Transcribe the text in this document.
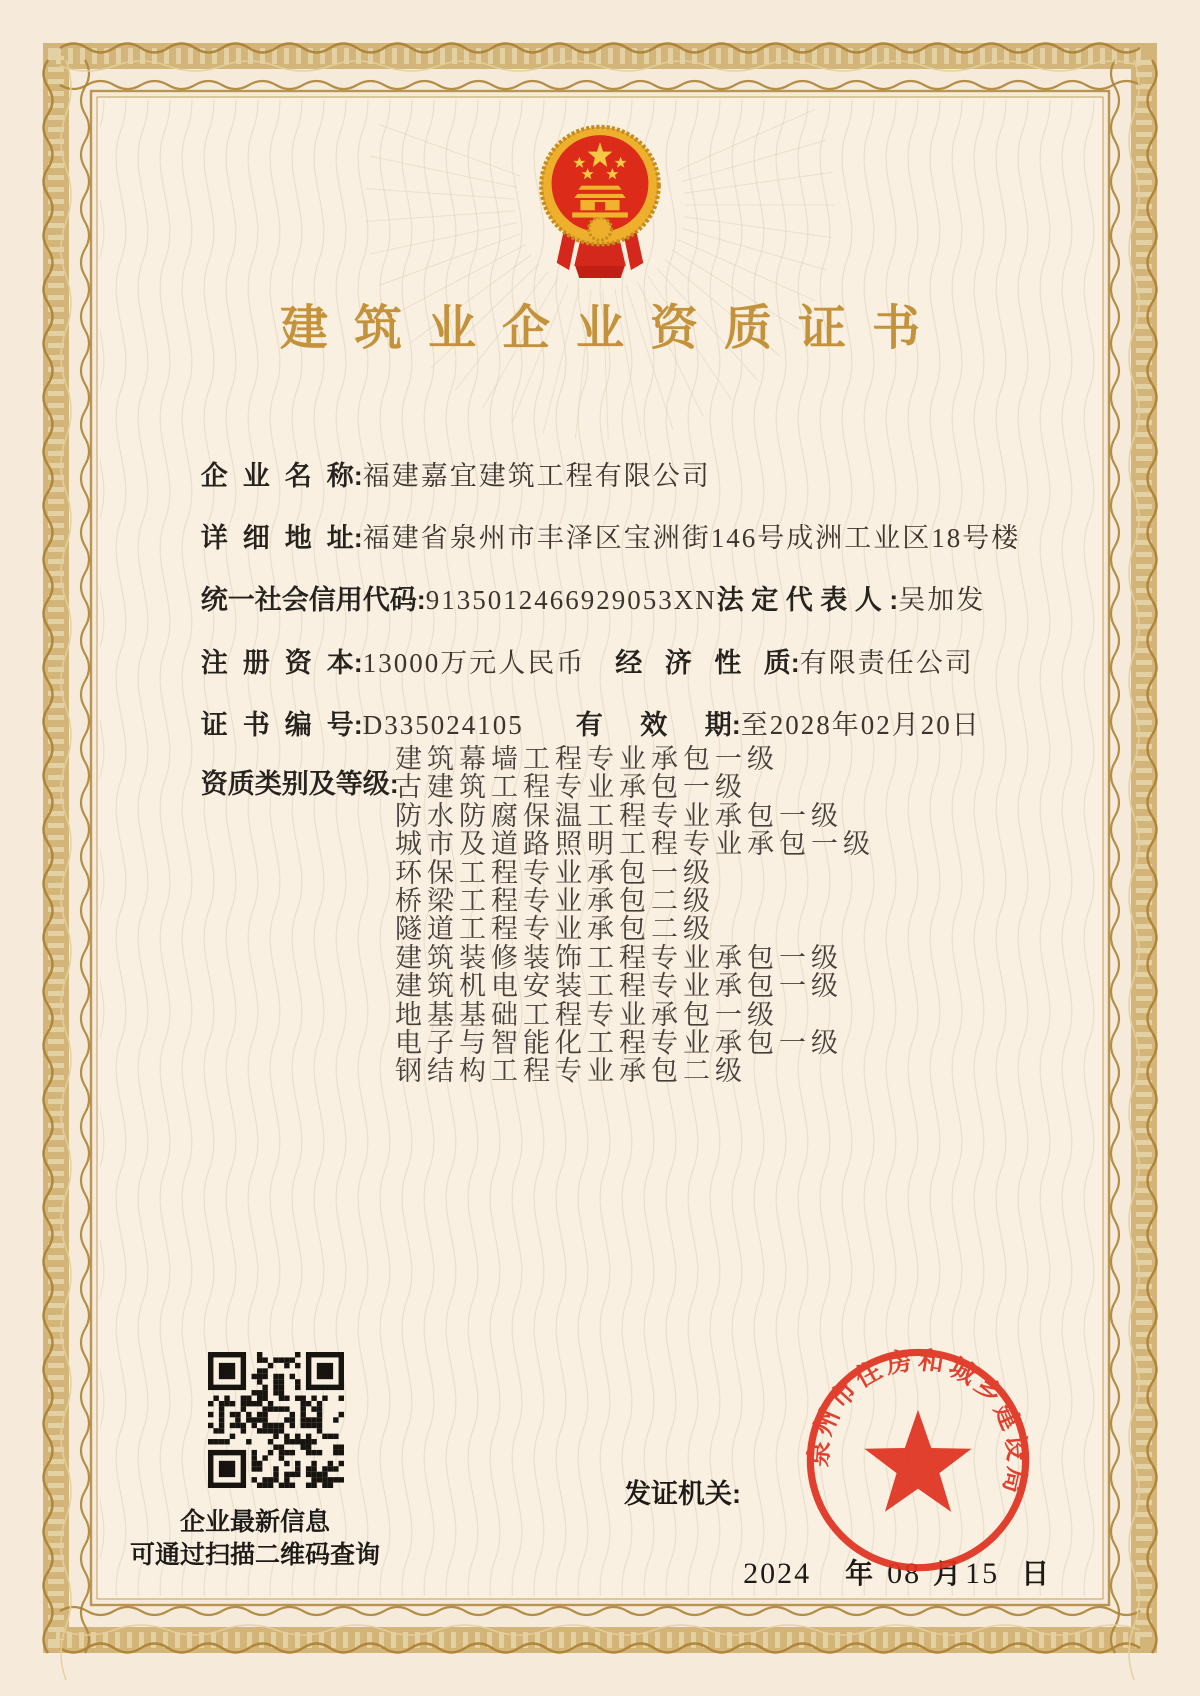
建筑业企业资质证书

企  业  名  称:福建嘉宜建筑工程有限公司

详  细  地  址:福建省泉州市丰泽区宝洲街146号成洲工业区18号楼

统一社会信用代码:9135012466929053XN法 定 代 表 人 :吴加发

注  册  资  本:13000万元人民币 经   济   性   质:有限责任公司

证  书  编  号:D335024105 有     效     期:至2028年02月20日

资质类别及等级:

建筑幕墙工程专业承包一级
古建筑工程专业承包一级
防水防腐保温工程专业承包一级
城市及道路照明工程专业承包一级
环保工程专业承包一级
桥梁工程专业承包二级
隧道工程专业承包二级
建筑装修装饰工程专业承包一级
建筑机电安装工程专业承包一级
地基基础工程专业承包一级
电子与智能化工程专业承包一级
钢结构工程专业承包二级
企业最新信息
可通过扫描二维码查询
发证机关:

2024 年 08 月 15 日

泉州市住房和城乡建设局
